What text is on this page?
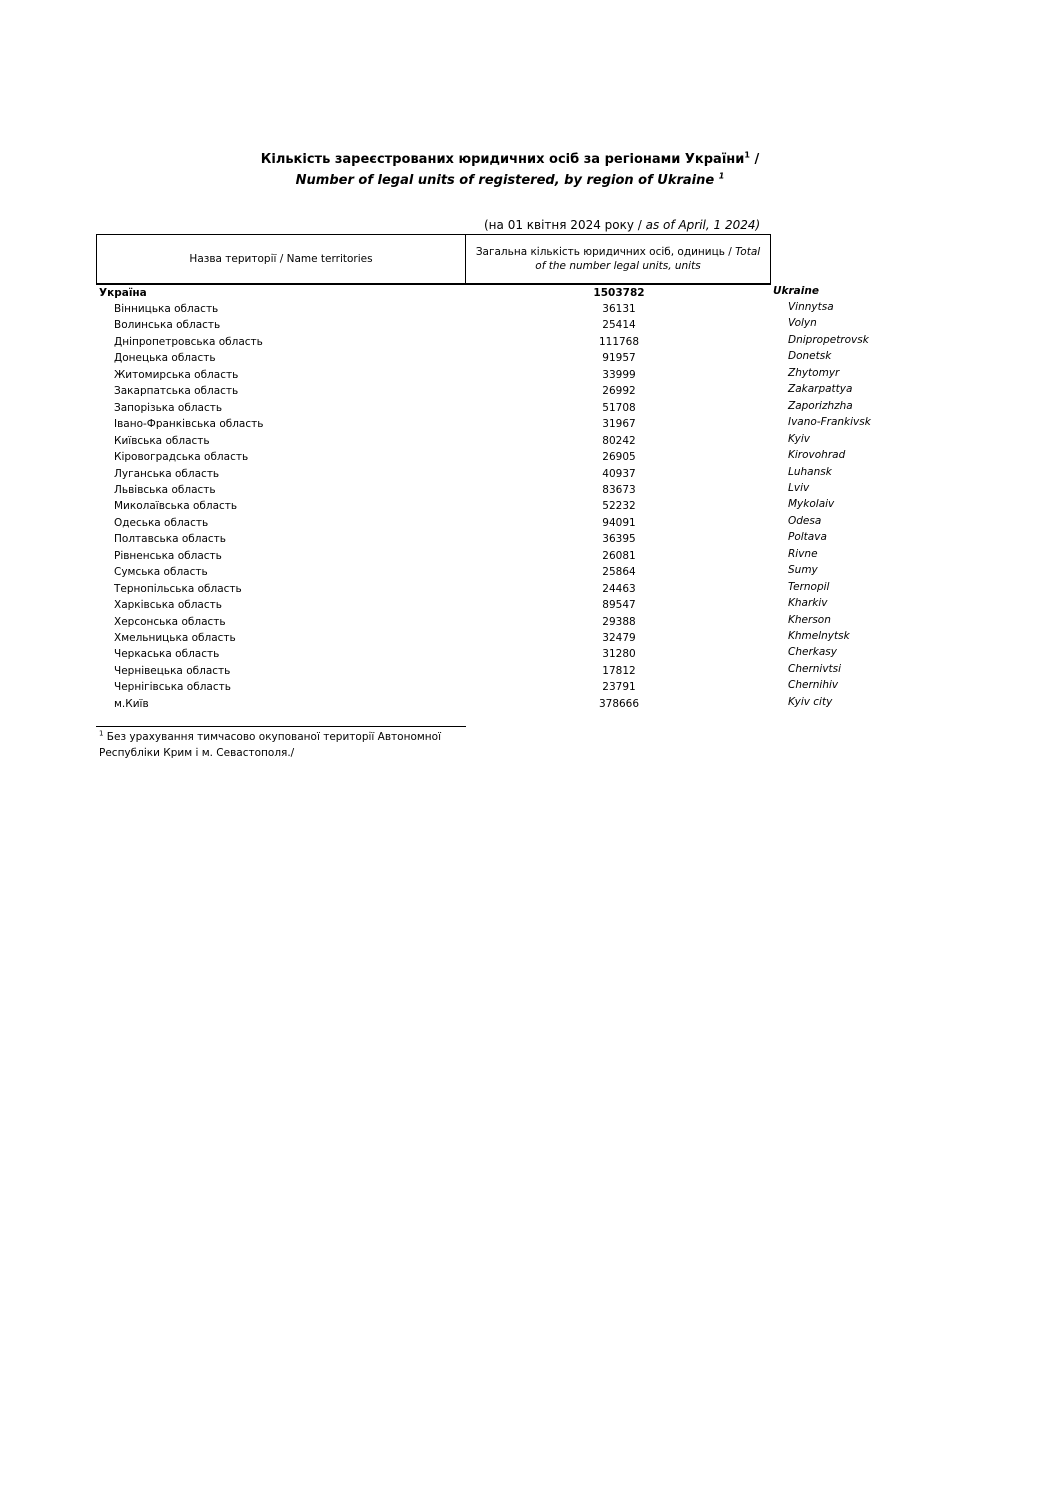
Кількість зареєстрованих юридичних осіб за регіонами України$^1$ /
Number of legal units of registered, by region of Ukraine $^1$
(на 01 квітня 2024 року / as of April, 1 2024)
Назва території / Name territories
Загальна кількість юридичних осіб, одиниць / Total of the number legal units, units
Україна	1503782	Ukraine
Вінницька область	36131	Vinnytsa
Волинська область	25414	Volyn
Дніпропетровська область	111768	Dnipropetrovsk
Донецька область	91957	Donetsk
Житомирська область	33999	Zhytomyr
Закарпатська область	26992	Zakarpattya
Запорізька область	51708	Zaporizhzha
Івано-Франківська область	31967	Ivano-Frankivsk
Київська область	80242	Kyiv
Кіровоградська область	26905	Kirovohrad
Луганська область	40937	Luhansk
Львівська область	83673	Lviv
Миколаївська область	52232	Mykolaiv
Одеська область	94091	Odesa
Полтавська область	36395	Poltava
Рівненська область	26081	Rivne
Сумська область	25864	Sumy
Тернопільська область	24463	Ternopil
Харківська область	89547	Kharkiv
Херсонська область	29388	Kherson
Хмельницька область	32479	Khmelnytsk
Черкаська область	31280	Cherkasy
Чернівецька область	17812	Chernivtsi
Чернігівська область	23791	Chernihiv
м.Київ	378666	Kyiv city
$^1$ Без урахування тимчасово окупованої території Автономної
Республіки Крим і м. Севастополя./
